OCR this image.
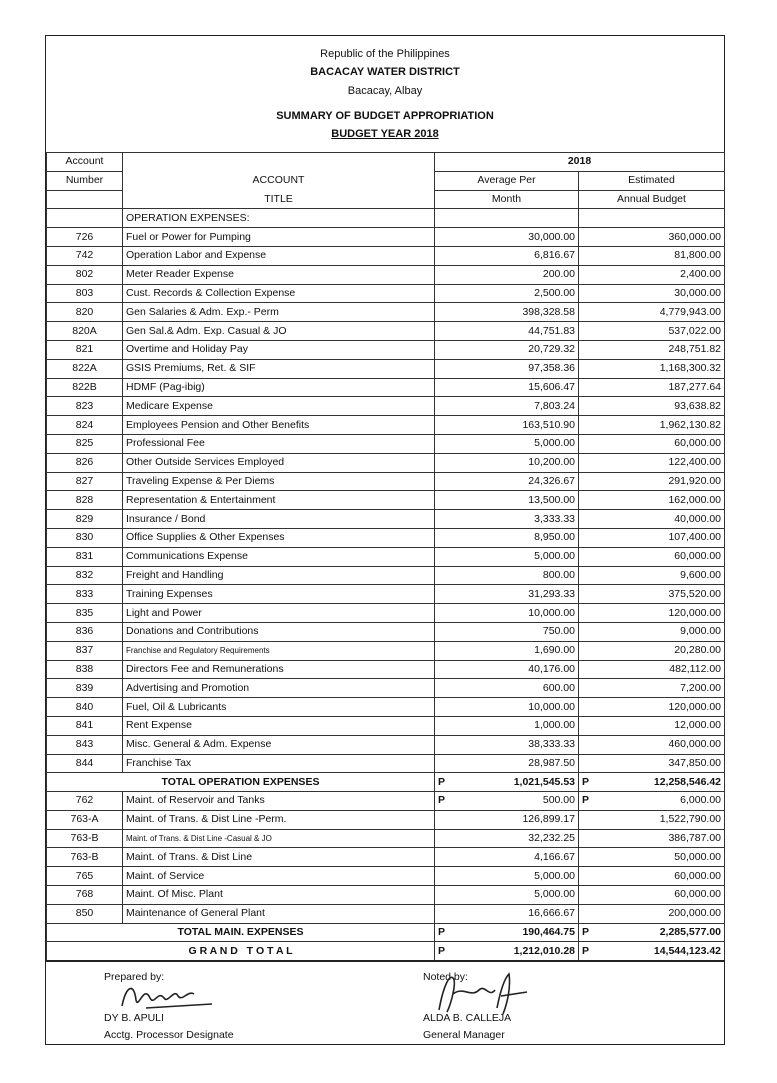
Republic of the Philippines
BACACAY WATER DISTRICT
Bacacay, Albay
SUMMARY OF BUDGET APPROPRIATION
BUDGET YEAR 2018
Account		2018	
Number	ACCOUNT	Average Per	Estimated
	TITLE	Month	Annual Budget
	OPERATION EXPENSES:		
726	Fuel or Power for Pumping	30,000.00	360,000.00
742	Operation Labor and Expense	6,816.67	81,800.00
802	Meter Reader Expense	200.00	2,400.00
803	Cust. Records & Collection Expense	2,500.00	30,000.00
820	Gen Salaries & Adm. Exp.- Perm	398,328.58	4,779,943.00
820A	Gen Sal.& Adm. Exp. Casual & JO	44,751.83	537,022.00
821	Overtime and Holiday Pay	20,729.32	248,751.82
822A	GSIS Premiums, Ret. & SIF	97,358.36	1,168,300.32
822B	HDMF (Pag-ibig)	15,606.47	187,277.64
823	Medicare Expense	7,803.24	93,638.82
824	Employees Pension and Other Benefits	163,510.90	1,962,130.82
825	Professional Fee	5,000.00	60,000.00
826	Other Outside Services Employed	10,200.00	122,400.00
827	Traveling Expense & Per Diems	24,326.67	291,920.00
828	Representation & Entertainment	13,500.00	162,000.00
829	Insurance / Bond	3,333.33	40,000.00
830	Office Supplies & Other Expenses	8,950.00	107,400.00
831	Communications Expense	5,000.00	60,000.00
832	Freight and Handling	800.00	9,600.00
833	Training Expenses	31,293.33	375,520.00
835	Light and Power	10,000.00	120,000.00
836	Donations and Contributions	750.00	9,000.00
837	Franchise and Regulatory Requirements	1,690.00	20,280.00
838	Directors Fee and Remunerations	40,176.00	482,112.00
839	Advertising and Promotion	600.00	7,200.00
840	Fuel, Oil & Lubricants	10,000.00	120,000.00
841	Rent Expense	1,000.00	12,000.00
843	Misc. General & Adm. Expense	38,333.33	460,000.00
844	Franchise Tax	28,987.50	347,850.00
TOTAL OPERATION EXPENSES		P 1,021,545.53	P 12,258,546.42
762	Maint. of Reservoir and Tanks	P 500.00	P 6,000.00
763-A	Maint. of Trans. & Dist Line -Perm.	126,899.17	1,522,790.00
763-B	Maint. of Trans. & Dist Line -Casual & JO	32,232.25	386,787.00
763-B	Maint. of Trans. & Dist Line	4,166.67	50,000.00
765	Maint. of Service	5,000.00	60,000.00
768	Maint. Of Misc. Plant	5,000.00	60,000.00
850	Maintenance of General Plant	16,666.67	200,000.00
TOTAL MAIN. EXPENSES		P 190,464.75	P 2,285,577.00
G R A N D   T O T A L		P 1,212,010.28	P 14,544,123.42
Prepared by:
DY B. APULI
Acctg. Processor Designate
Noted by:
ALDA B. CALLEJA
General Manager
